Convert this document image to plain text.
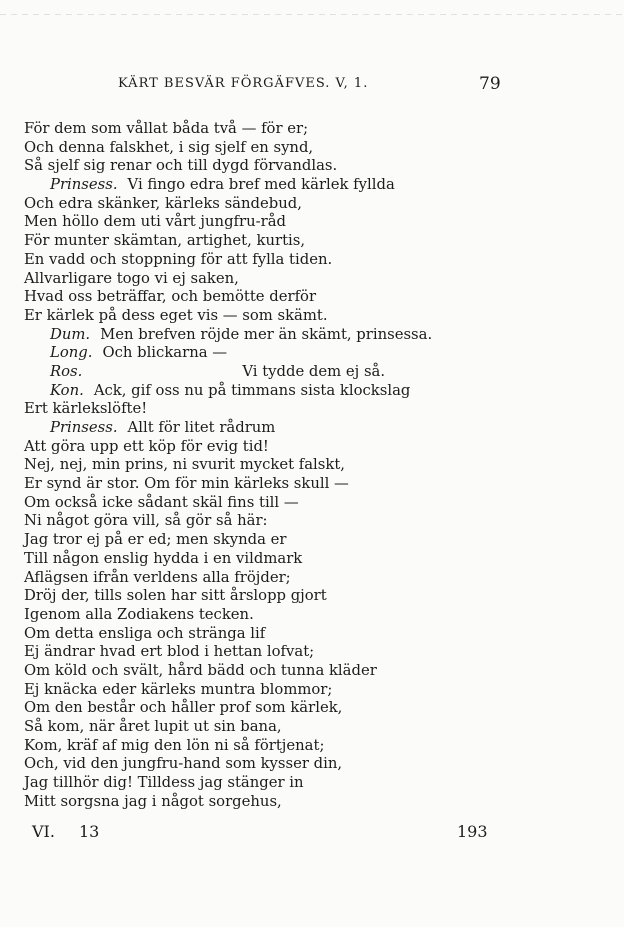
KÄRT BESVÄR FÖRGÄFVES. V, 1.	79
För dem som vållat båda två — för er;
Och denna falskhet, i sig sjelf en synd,
Så sjelf sig renar och till dygd förvandlas.
Prinsess. Vi fingo edra bref med kärlek fyllda
Och edra skänker, kärleks sändebud,
Men höllo dem uti vårt jungfru-råd
För munter skämtan, artighet, kurtis,
En vadd och stoppning för att fylla tiden.
Allvarligare togo vi ej saken,
Hvad oss beträffar, och bemötte derför
Er kärlek på dess eget vis — som skämt.
Dum. Men brefven röjde mer än skämt, prinsessa.
Long. Och blickarna —
Ros.	Vi tydde dem ej så.
Kon. Ack, gif oss nu på timmans sista klockslag
Ert kärlekslöfte!
Prinsess. Allt för litet rådrum
Att göra upp ett köp för evig tid!
Nej, nej, min prins, ni svurit mycket falskt,
Er synd är stor. Om för min kärleks skull —
Om också icke sådant skäl fins till —
Ni något göra vill, så gör så här:
Jag tror ej på er ed; men skynda er
Till någon enslig hydda i en vildmark
Aflägsen ifrån verldens alla fröjder;
Dröj der, tills solen har sitt årslopp gjort
Igenom alla Zodiakens tecken.
Om detta ensliga och stränga lif
Ej ändrar hvad ert blod i hettan lofvat;
Om köld och svält, hård bädd och tunna kläder
Ej knäcka eder kärleks muntra blommor;
Om den består och håller prof som kärlek,
Så kom, när året lupit ut sin bana,
Kom, kräf af mig den lön ni så förtjenat;
Och, vid den jungfru-hand som kysser din,
Jag tillhör dig! Tilldess jag stänger in
Mitt sorgsna jag i något sorgehus,
VI. 13	193
